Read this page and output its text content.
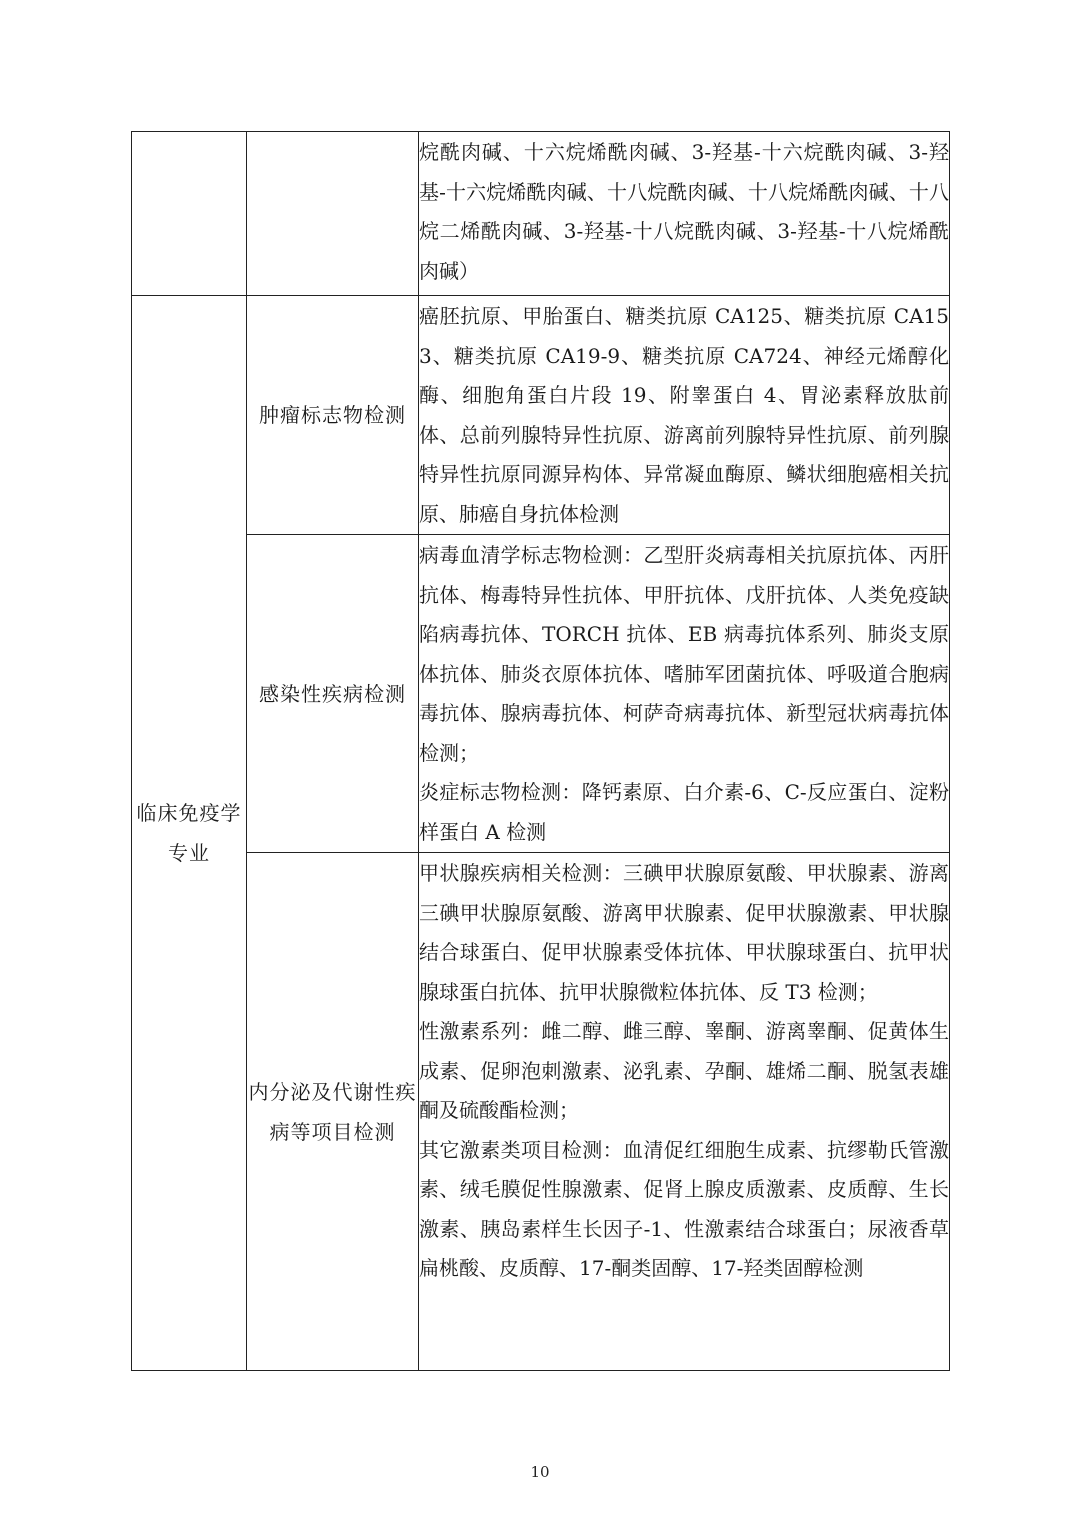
		烷酰肉碱、十六烷烯酰肉碱、3-羟基-十六烷酰肉碱、3-羟基-十六烷烯酰肉碱、十八烷酰肉碱、十八烷烯酰肉碱、十八烷二烯酰肉碱、3-羟基-十八烷酰肉碱、3-羟基-十八烷烯酰肉碱）

临床免疫学专业	肿瘤标志物检测	癌胚抗原、甲胎蛋白、糖类抗原 CA125、糖类抗原 CA153、糖类抗原 CA19-9、糖类抗原 CA724、神经元烯醇化酶、细胞角蛋白片段 19、附睾蛋白 4、胃泌素释放肽前体、总前列腺特异性抗原、游离前列腺特异性抗原、前列腺特异性抗原同源异构体、异常凝血酶原、鳞状细胞癌相关抗原、肺癌自身抗体检测

	感染性疾病检测	病毒血清学标志物检测：乙型肝炎病毒相关抗原抗体、丙肝抗体、梅毒特异性抗体、甲肝抗体、戊肝抗体、人类免疫缺陷病毒抗体、TORCH 抗体、EB 病毒抗体系列、肺炎支原体抗体、肺炎衣原体抗体、嗜肺军团菌抗体、呼吸道合胞病毒抗体、腺病毒抗体、柯萨奇病毒抗体、新型冠状病毒抗体检测；

炎症标志物检测：降钙素原、白介素-6、C-反应蛋白、淀粉样蛋白 A 检测

	内分泌及代谢性疾病等项目检测	甲状腺疾病相关检测：三碘甲状腺原氨酸、甲状腺素、游离三碘甲状腺原氨酸、游离甲状腺素、促甲状腺激素、甲状腺结合球蛋白、促甲状腺素受体抗体、甲状腺球蛋白、抗甲状腺球蛋白抗体、抗甲状腺微粒体抗体、反 T3 检测；

性激素系列：雌二醇、雌三醇、睾酮、游离睾酮、促黄体生成素、促卵泡刺激素、泌乳素、孕酮、雄烯二酮、脱氢表雄酮及硫酸酯检测；

其它激素类项目检测：血清促红细胞生成素、抗缪勒氏管激素、绒毛膜促性腺激素、促肾上腺皮质激素、皮质醇、生长激素、胰岛素样生长因子-1、性激素结合球蛋白；尿液香草扁桃酸、皮质醇、17-酮类固醇、17-羟类固醇检测

10
